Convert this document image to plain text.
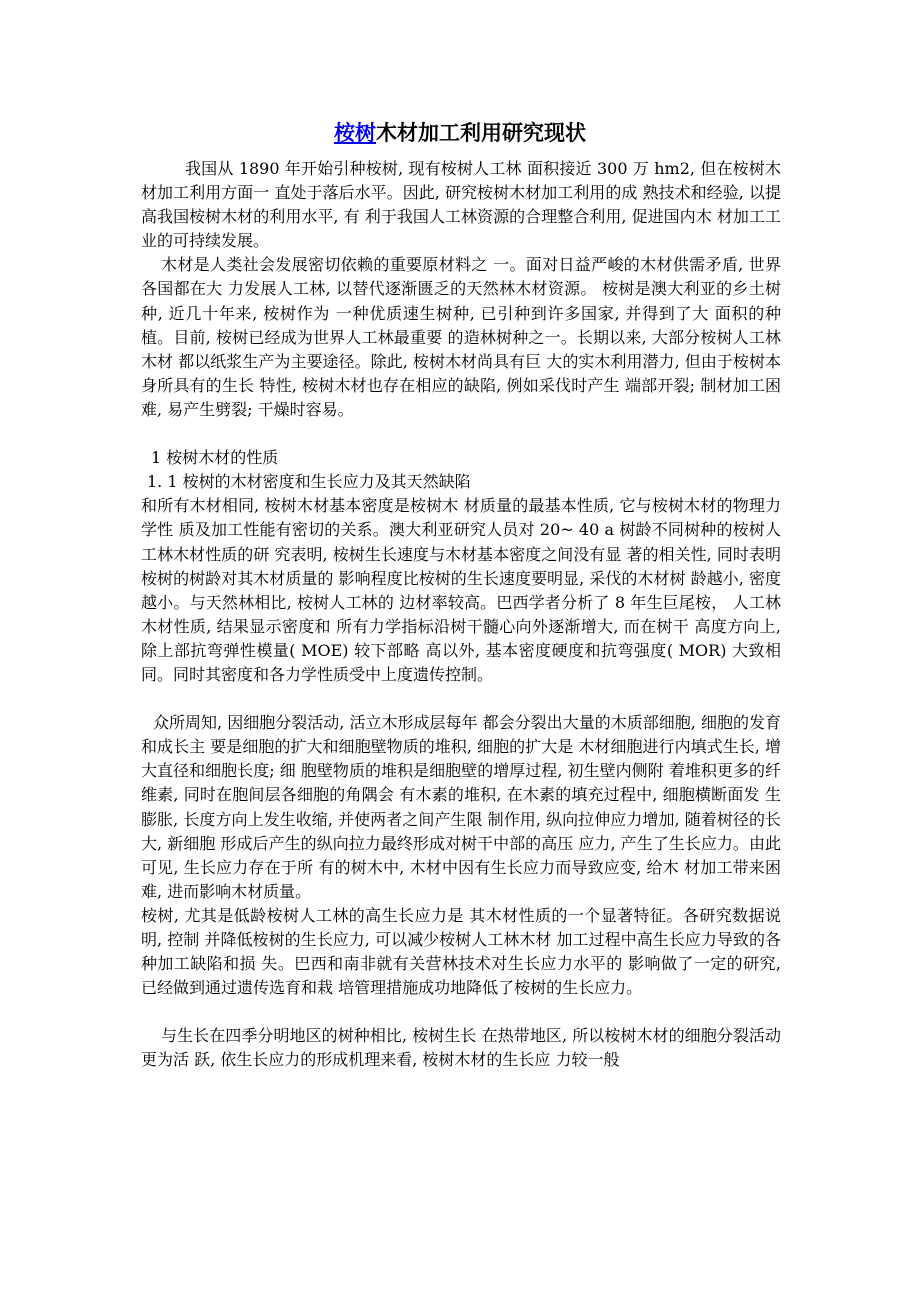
桉树木材加工利用研究现状

我国从 1890 年开始引种桉树, 现有桉树人工林 面积接近 300 万 hm2, 但在桉树木材加工利用方面一 直处于落后水平。因此, 研究桉树木材加工利用的成 熟技术和经验, 以提高我国桉树木材的利用水平, 有 利于我国人工林资源的合理整合利用, 促进国内木 材加工工业的可持续发展。

木材是人类社会发展密切依赖的重要原材料之 一。面对日益严峻的木材供需矛盾, 世界各国都在大 力发展人工林, 以替代逐渐匮乏的天然林木材资源。 桉树是澳大利亚的乡土树种, 近几十年来, 桉树作为 一种优质速生树种, 已引种到许多国家, 并得到了大 面积的种植。目前, 桉树已经成为世界人工林最重要 的造林树种之一。长期以来, 大部分桉树人工林木材 都以纸浆生产为主要途径。除此, 桉树木材尚具有巨 大的实木利用潜力, 但由于桉树本身所具有的生长 特性, 桉树木材也存在相应的缺陷, 例如采伐时产生 端部开裂; 制材加工困难, 易产生劈裂; 干燥时容易。

1 桉树木材的性质

1. 1 桉树的木材密度和生长应力及其天然缺陷

和所有木材相同, 桉树木材基本密度是桉树木 材质量的最基本性质, 它与桉树木材的物理力学性 质及加工性能有密切的关系。澳大利亚研究人员对 20~ 40 a 树龄不同树种的桉树人工林木材性质的研 究表明, 桉树生长速度与木材基本密度之间没有显 著的相关性, 同时表明桉树的树龄对其木材质量的 影响程度比桉树的生长速度要明显, 采伐的木材树 龄越小, 密度越小。与天然林相比, 桉树人工林的 边材率较高。巴西学者分析了 8 年生巨尾桉， 人工林木材性质, 结果显示密度和 所有力学指标沿树干髓心向外逐渐增大, 而在树干 高度方向上, 除上部抗弯弹性模量( MOE) 较下部略 高以外, 基本密度硬度和抗弯强度( MOR) 大致相同。同时其密度和各力学性质受中上度遗传控制。

众所周知, 因细胞分裂活动, 活立木形成层每年 都会分裂出大量的木质部细胞, 细胞的发育和成长主 要是细胞的扩大和细胞壁物质的堆积, 细胞的扩大是 木材细胞进行内填式生长, 增大直径和细胞长度; 细 胞壁物质的堆积是细胞壁的增厚过程, 初生壁内侧附 着堆积更多的纤维素, 同时在胞间层各细胞的角隅会 有木素的堆积, 在木素的填充过程中, 细胞横断面发 生膨胀, 长度方向上发生收缩, 并使两者之间产生限 制作用, 纵向拉伸应力增加, 随着树径的长大, 新细胞 形成后产生的纵向拉力最终形成对树干中部的高压 应力, 产生了生长应力。由此可见, 生长应力存在于所 有的树木中, 木材中因有生长应力而导致应变, 给木 材加工带来困难, 进而影响木材质量。

桉树, 尤其是低龄桉树人工林的高生长应力是 其木材性质的一个显著特征。各研究数据说明, 控制 并降低桉树的生长应力, 可以减少桉树人工林木材 加工过程中高生长应力导致的各种加工缺陷和损 失。巴西和南非就有关营林技术对生长应力水平的 影响做了一定的研究, 已经做到通过遗传选育和栽 培管理措施成功地降低了桉树的生长应力。

与生长在四季分明地区的树种相比, 桉树生长 在热带地区, 所以桉树木材的细胞分裂活动更为活 跃, 依生长应力的形成机理来看, 桉树木材的生长应 力较一般
